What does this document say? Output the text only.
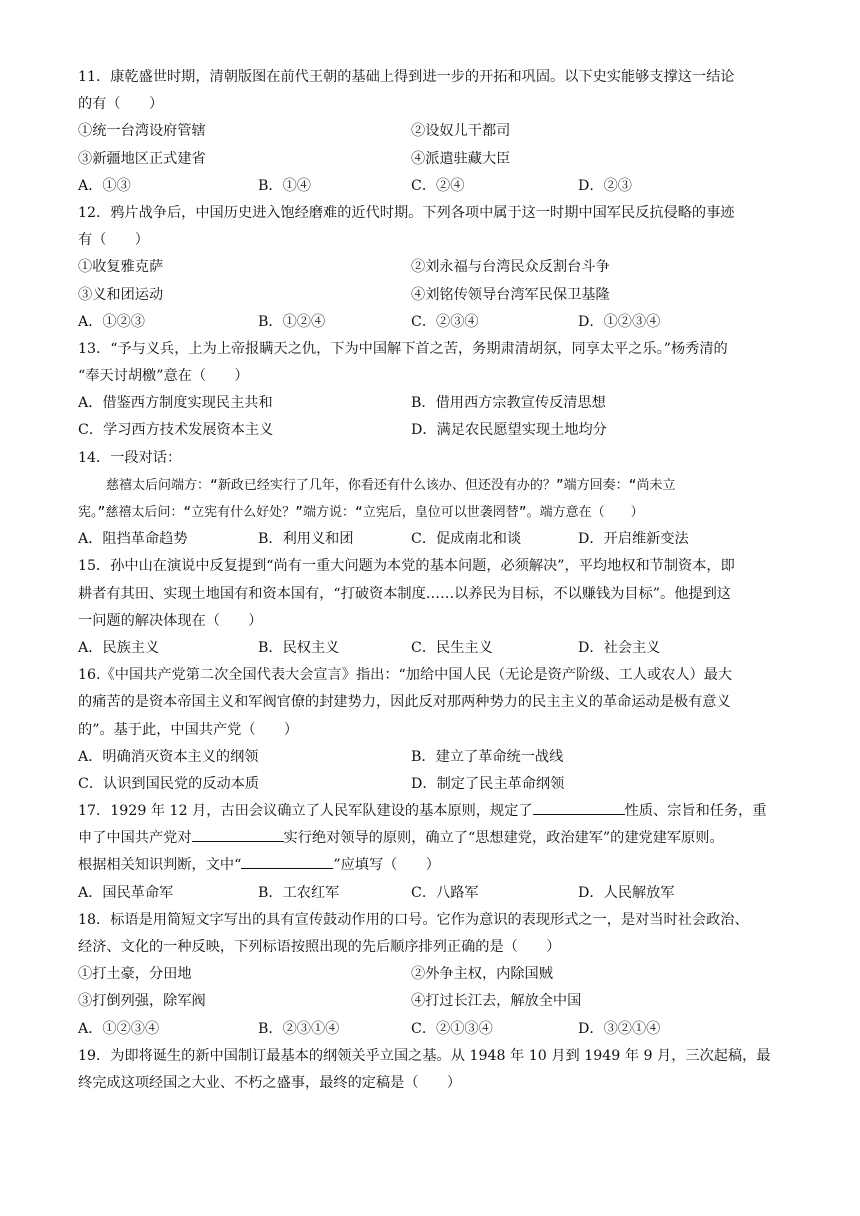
11．康乾盛世时期，清朝版图在前代王朝的基础上得到进一步的开拓和巩固。以下史实能够支撑这一结论
的有（　　）
①统一台湾设府管辖	②设奴儿干都司
③新疆地区正式建省	④派遣驻藏大臣
A．①③	B．①④	C．②④	D．②③
12．鸦片战争后，中国历史进入饱经磨难的近代时期。下列各项中属于这一时期中国军民反抗侵略的事迹
有（　　）
①收复雅克萨	②刘永福与台湾民众反割台斗争
③义和团运动	④刘铭传领导台湾军民保卫基隆
A．①②③	B．①②④	C．②③④	D．①②③④
13．“予与义兵，上为上帝报瞒天之仇，下为中国解下首之苦，务期肃清胡氛，同享太平之乐。”杨秀清的
“奉天讨胡檄”意在（　　）
A．借鉴西方制度实现民主共和	B．借用西方宗教宣传反清思想
C．学习西方技术发展资本主义	D．满足农民愿望实现土地均分
14．一段对话：
慈禧太后问端方：“新政已经实行了几年，你看还有什么该办、但还没有办的？”端方回奏：“尚未立
宪。”慈禧太后问：“立宪有什么好处？”端方说：“立宪后，皇位可以世袭罔替”。端方意在（　　）
A．阻挡革命趋势	B．利用义和团	C．促成南北和谈	D．开启维新变法
15．孙中山在演说中反复提到“尚有一重大问题为本党的基本问题，必须解决”，平均地权和节制资本，即
耕者有其田、实现土地国有和资本国有，“打破资本制度……以养民为目标，不以赚钱为目标”。他提到这
一问题的解决体现在（　　）
A．民族主义	B．民权主义	C．民生主义	D．社会主义
16.《中国共产党第二次全国代表大会宣言》指出：“加给中国人民（无论是资产阶级、工人或农人）最大
的痛苦的是资本帝国主义和军阀官僚的封建势力，因此反对那两种势力的民主主义的革命运动是极有意义
的”。基于此，中国共产党（　　）
A．明确消灭资本主义的纲领	B．建立了革命统一战线
C．认识到国民党的反动本质	D．制定了民主革命纲领
17．1929 年 12 月，古田会议确立了人民军队建设的基本原则，规定了	性质、宗旨和任务，重
申了中国共产党对	实行绝对领导的原则，确立了“思想建党，政治建军”的建党建军原则。
根据相关知识判断，文中“	”应填写（　　）
A．国民革命军	B．工农红军	C．八路军	D．人民解放军
18．标语是用简短文字写出的具有宣传鼓动作用的口号。它作为意识的表现形式之一，是对当时社会政治、
经济、文化的一种反映，下列标语按照出现的先后顺序排列正确的是（　　）
①打土豪，分田地	②外争主权，内除国贼
③打倒列强，除军阀	④打过长江去，解放全中国
A．①②③④	B．②③①④	C．②①③④	D．③②①④
19．为即将诞生的新中国制订最基本的纲领关乎立国之基。从 1948 年 10 月到 1949 年 9 月，三次起稿，最
终完成这项经国之大业、不朽之盛事，最终的定稿是（　　）
